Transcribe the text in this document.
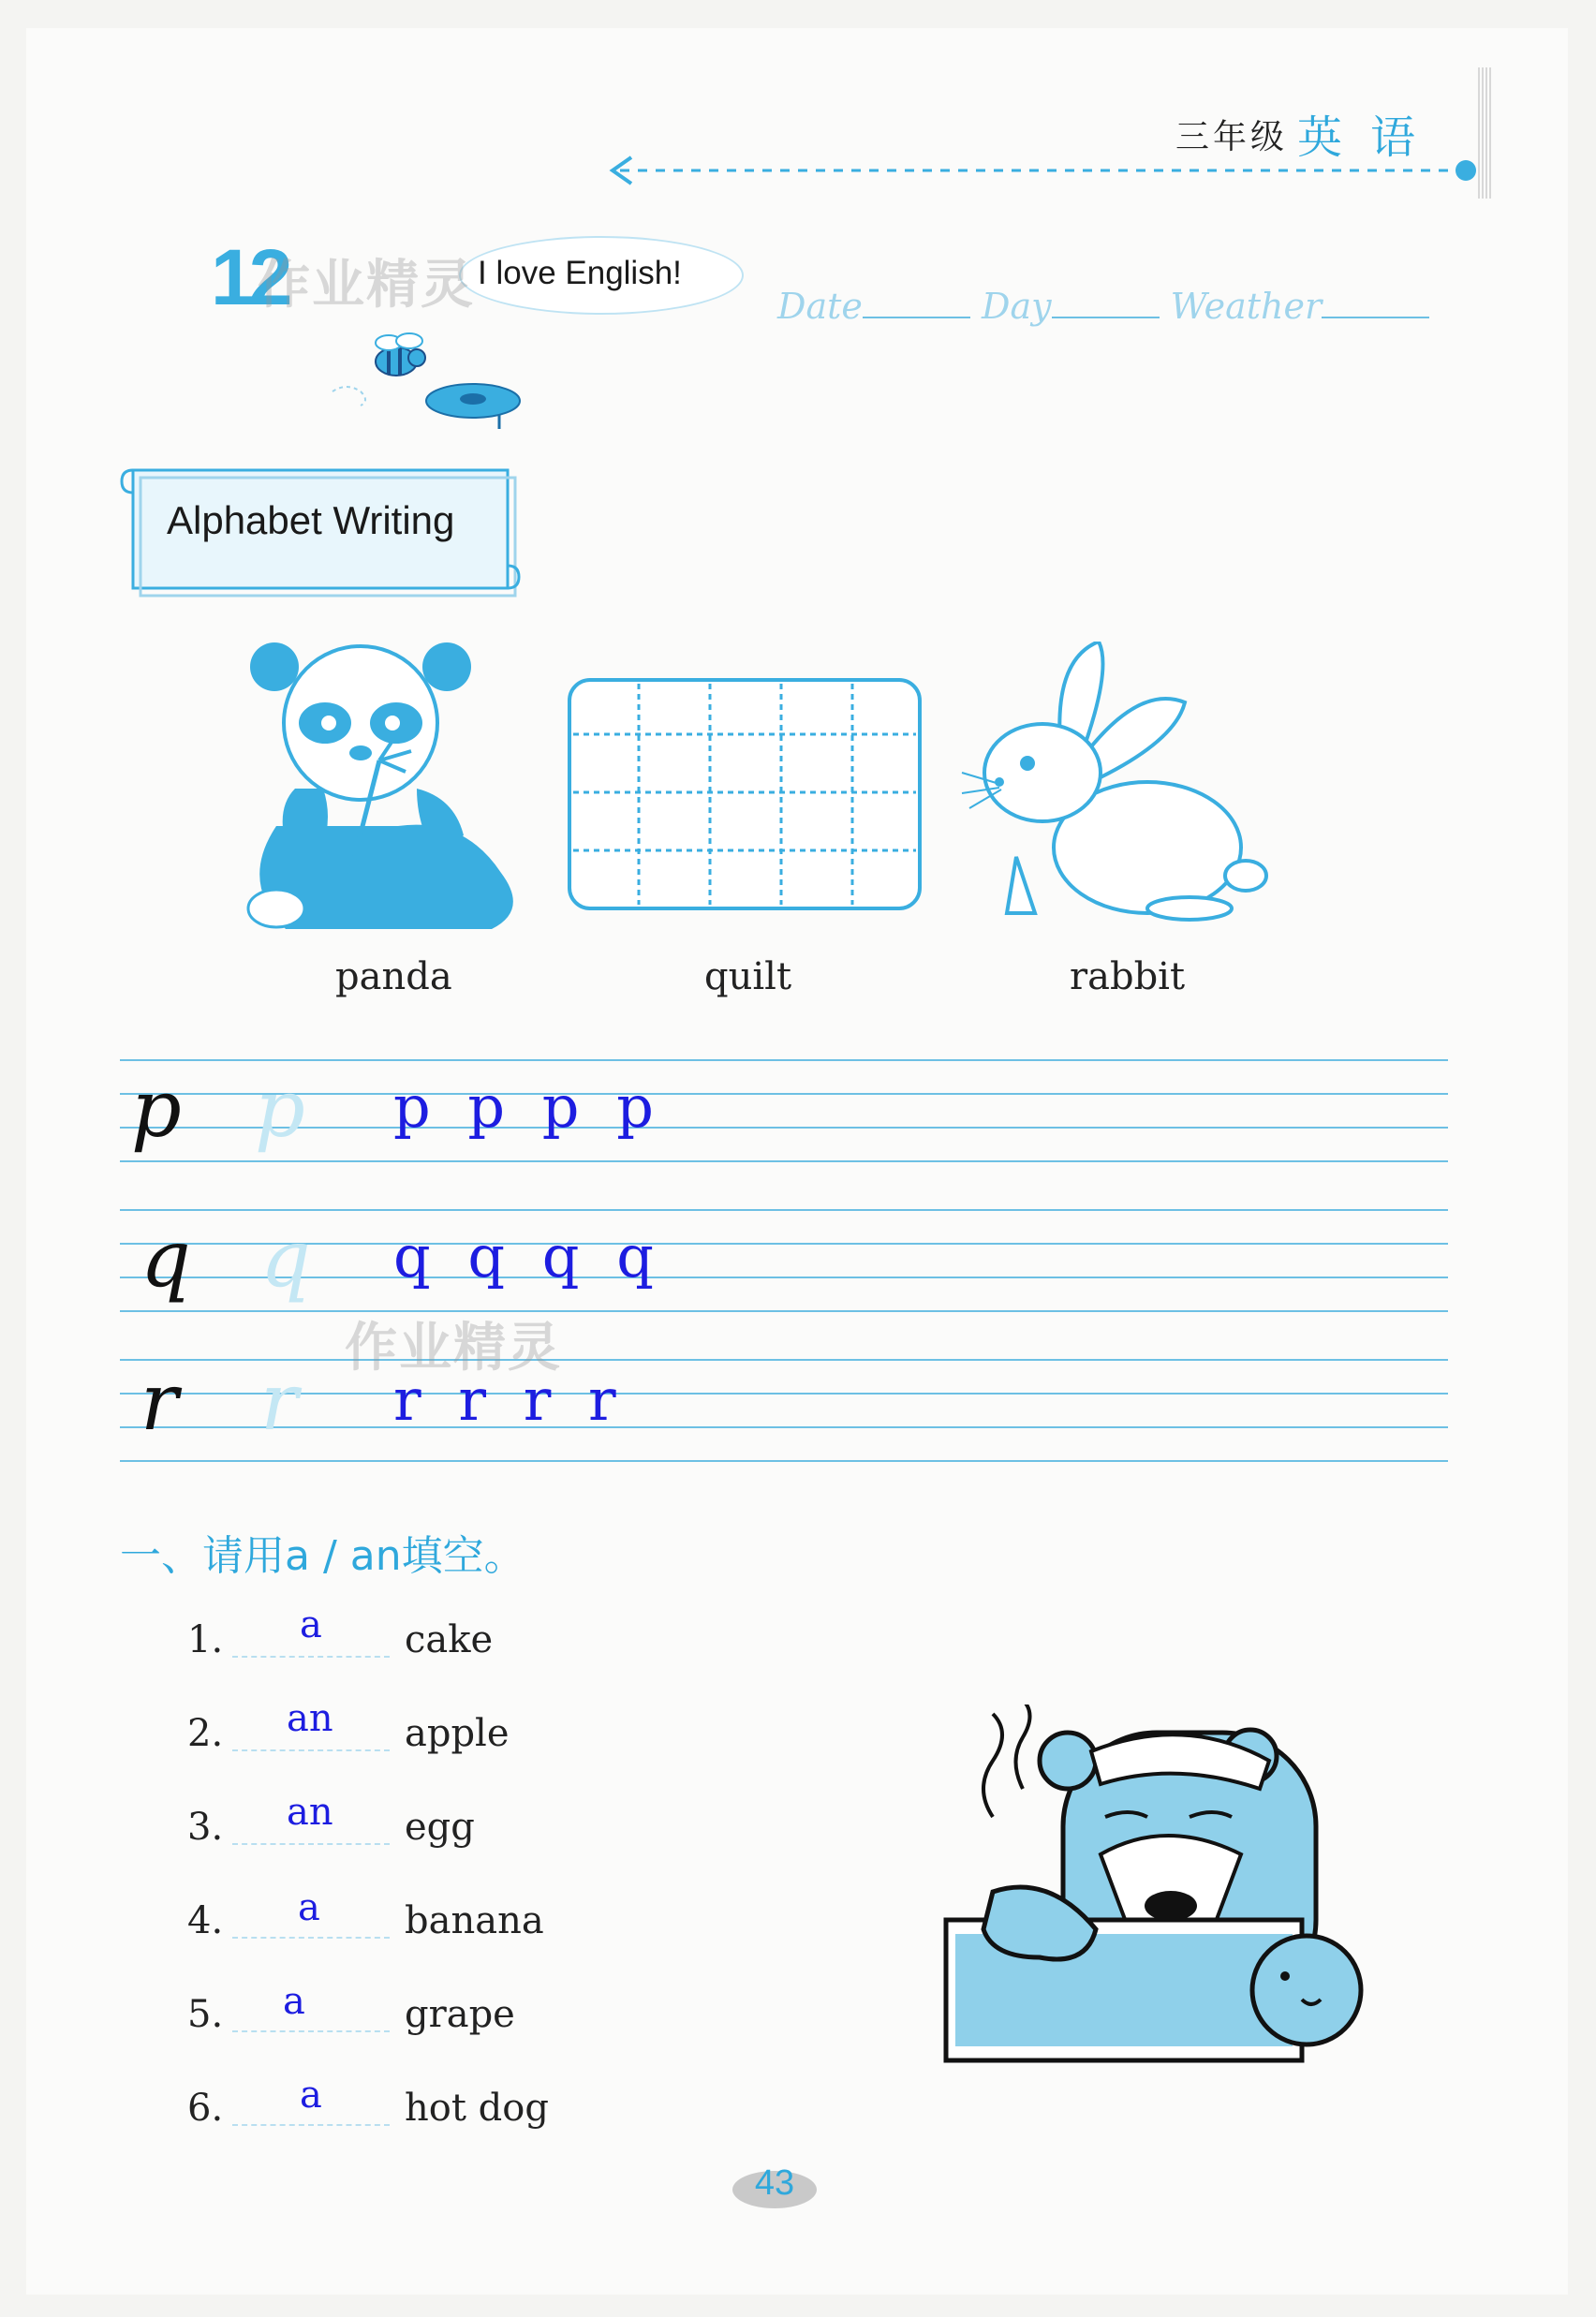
三年级 英语
12	I love English!
作业精灵	Date	Day	Weather
Alphabet Writing
panda	quilt	rabbit
p p p p p p
q q q q q q
r r r r r r
作业精灵
一、请用a / an填空。
1. a cake
2. an apple
3. an egg
4. a banana
5. a	grape
6. a hot dog
43
